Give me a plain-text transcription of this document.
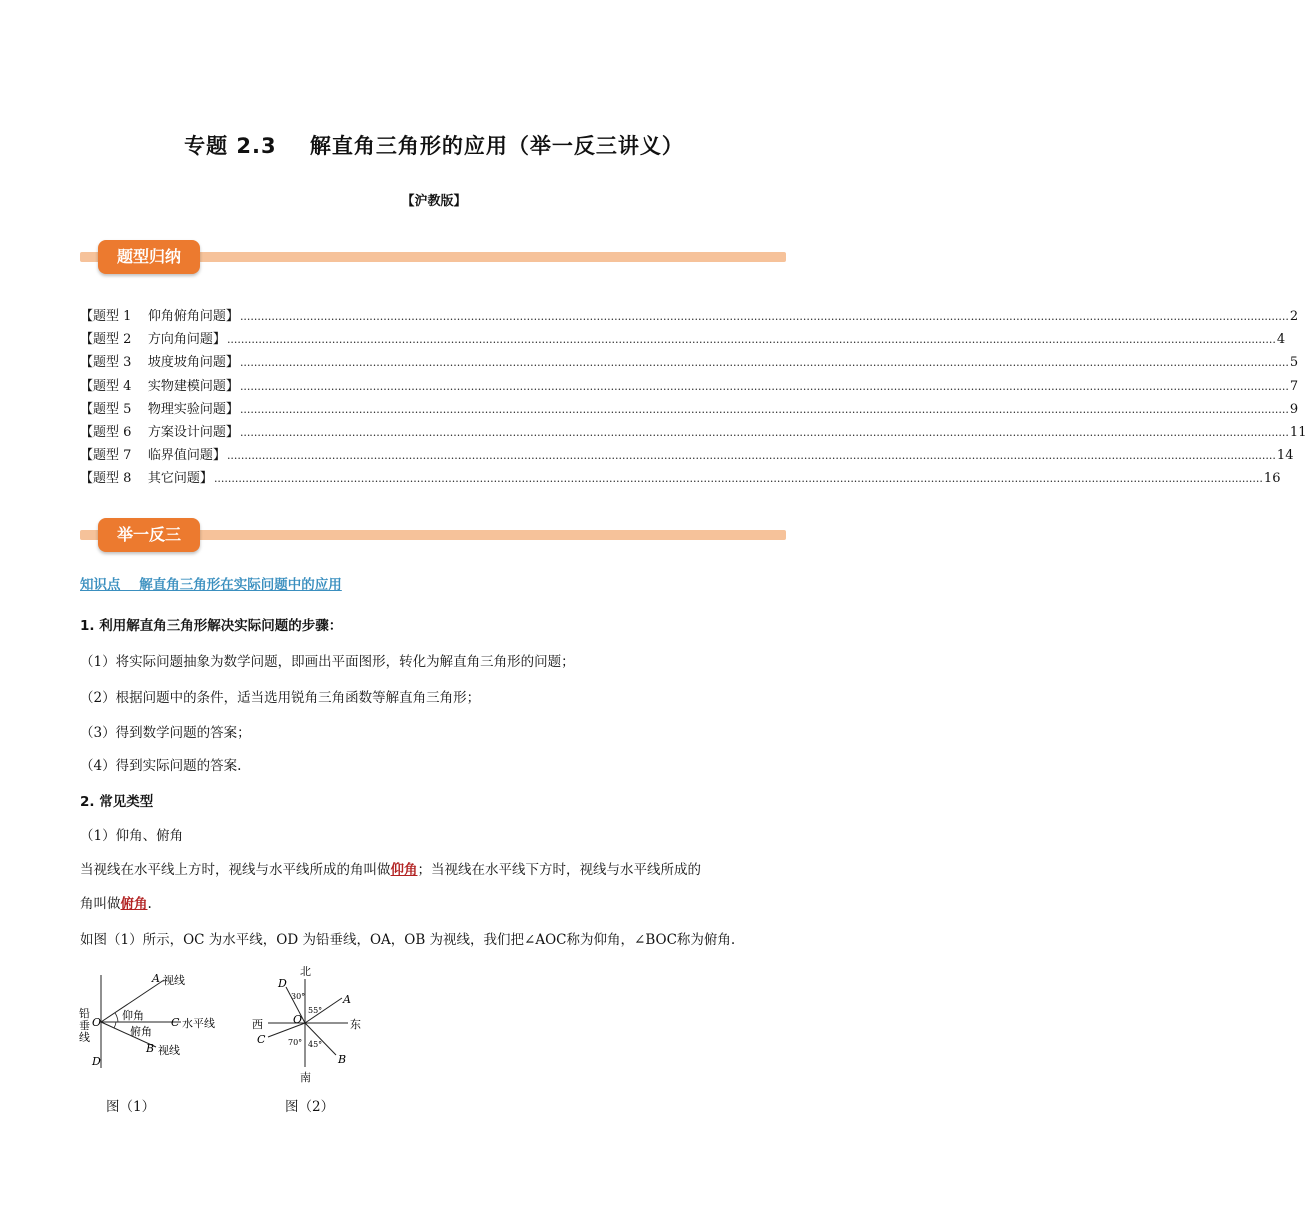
专题 2.3    解直角三角形的应用（举一反三讲义）
【沪教版】
题型归纳
【题型 1    仰角俯角问题】 ............................................................................................................................................................................................................................................................................................................ 2
【题型 2    方向角问题】 ............................................................................................................................................................................................................................................................................................................ 4
【题型 3    坡度坡角问题】 ............................................................................................................................................................................................................................................................................................................ 5
【题型 4    实物建模问题】 ............................................................................................................................................................................................................................................................................................................ 7
【题型 5    物理实验问题】 ............................................................................................................................................................................................................................................................................................................ 9
【题型 6    方案设计问题】 ............................................................................................................................................................................................................................................................................................................ 11
【题型 7    临界值问题】 ............................................................................................................................................................................................................................................................................................................ 14
【题型 8    其它问题】 ............................................................................................................................................................................................................................................................................................................ 16
举一反三
知识点    解直角三角形在实际问题中的应用
1. 利用解直角三角形解决实际问题的步骤：
（1）将实际问题抽象为数学问题，即画出平面图形，转化为解直角三角形的问题；
（2）根据问题中的条件，适当选用锐角三角函数等解直角三角形；
（3）得到数学问题的答案；
（4）得到实际问题的答案.
2. 常见类型
（1）仰角、俯角
当视线在水平线上方时，视线与水平线所成的角叫做仰角；当视线在水平线下方时，视线与水平线所成的
角叫做俯角.
如图（1）所示，OC 为水平线，OD 为铅垂线，OA，OB 为视线，我们把∠AOC称为仰角，∠BOC称为俯角.
A 视线
O
仰角
俯角
C 水平线
B 视线
铅
垂
线
D
图（1）
北
南
东
西	O
D
A
C
B
30°
55°
70° 45°
图（2）
